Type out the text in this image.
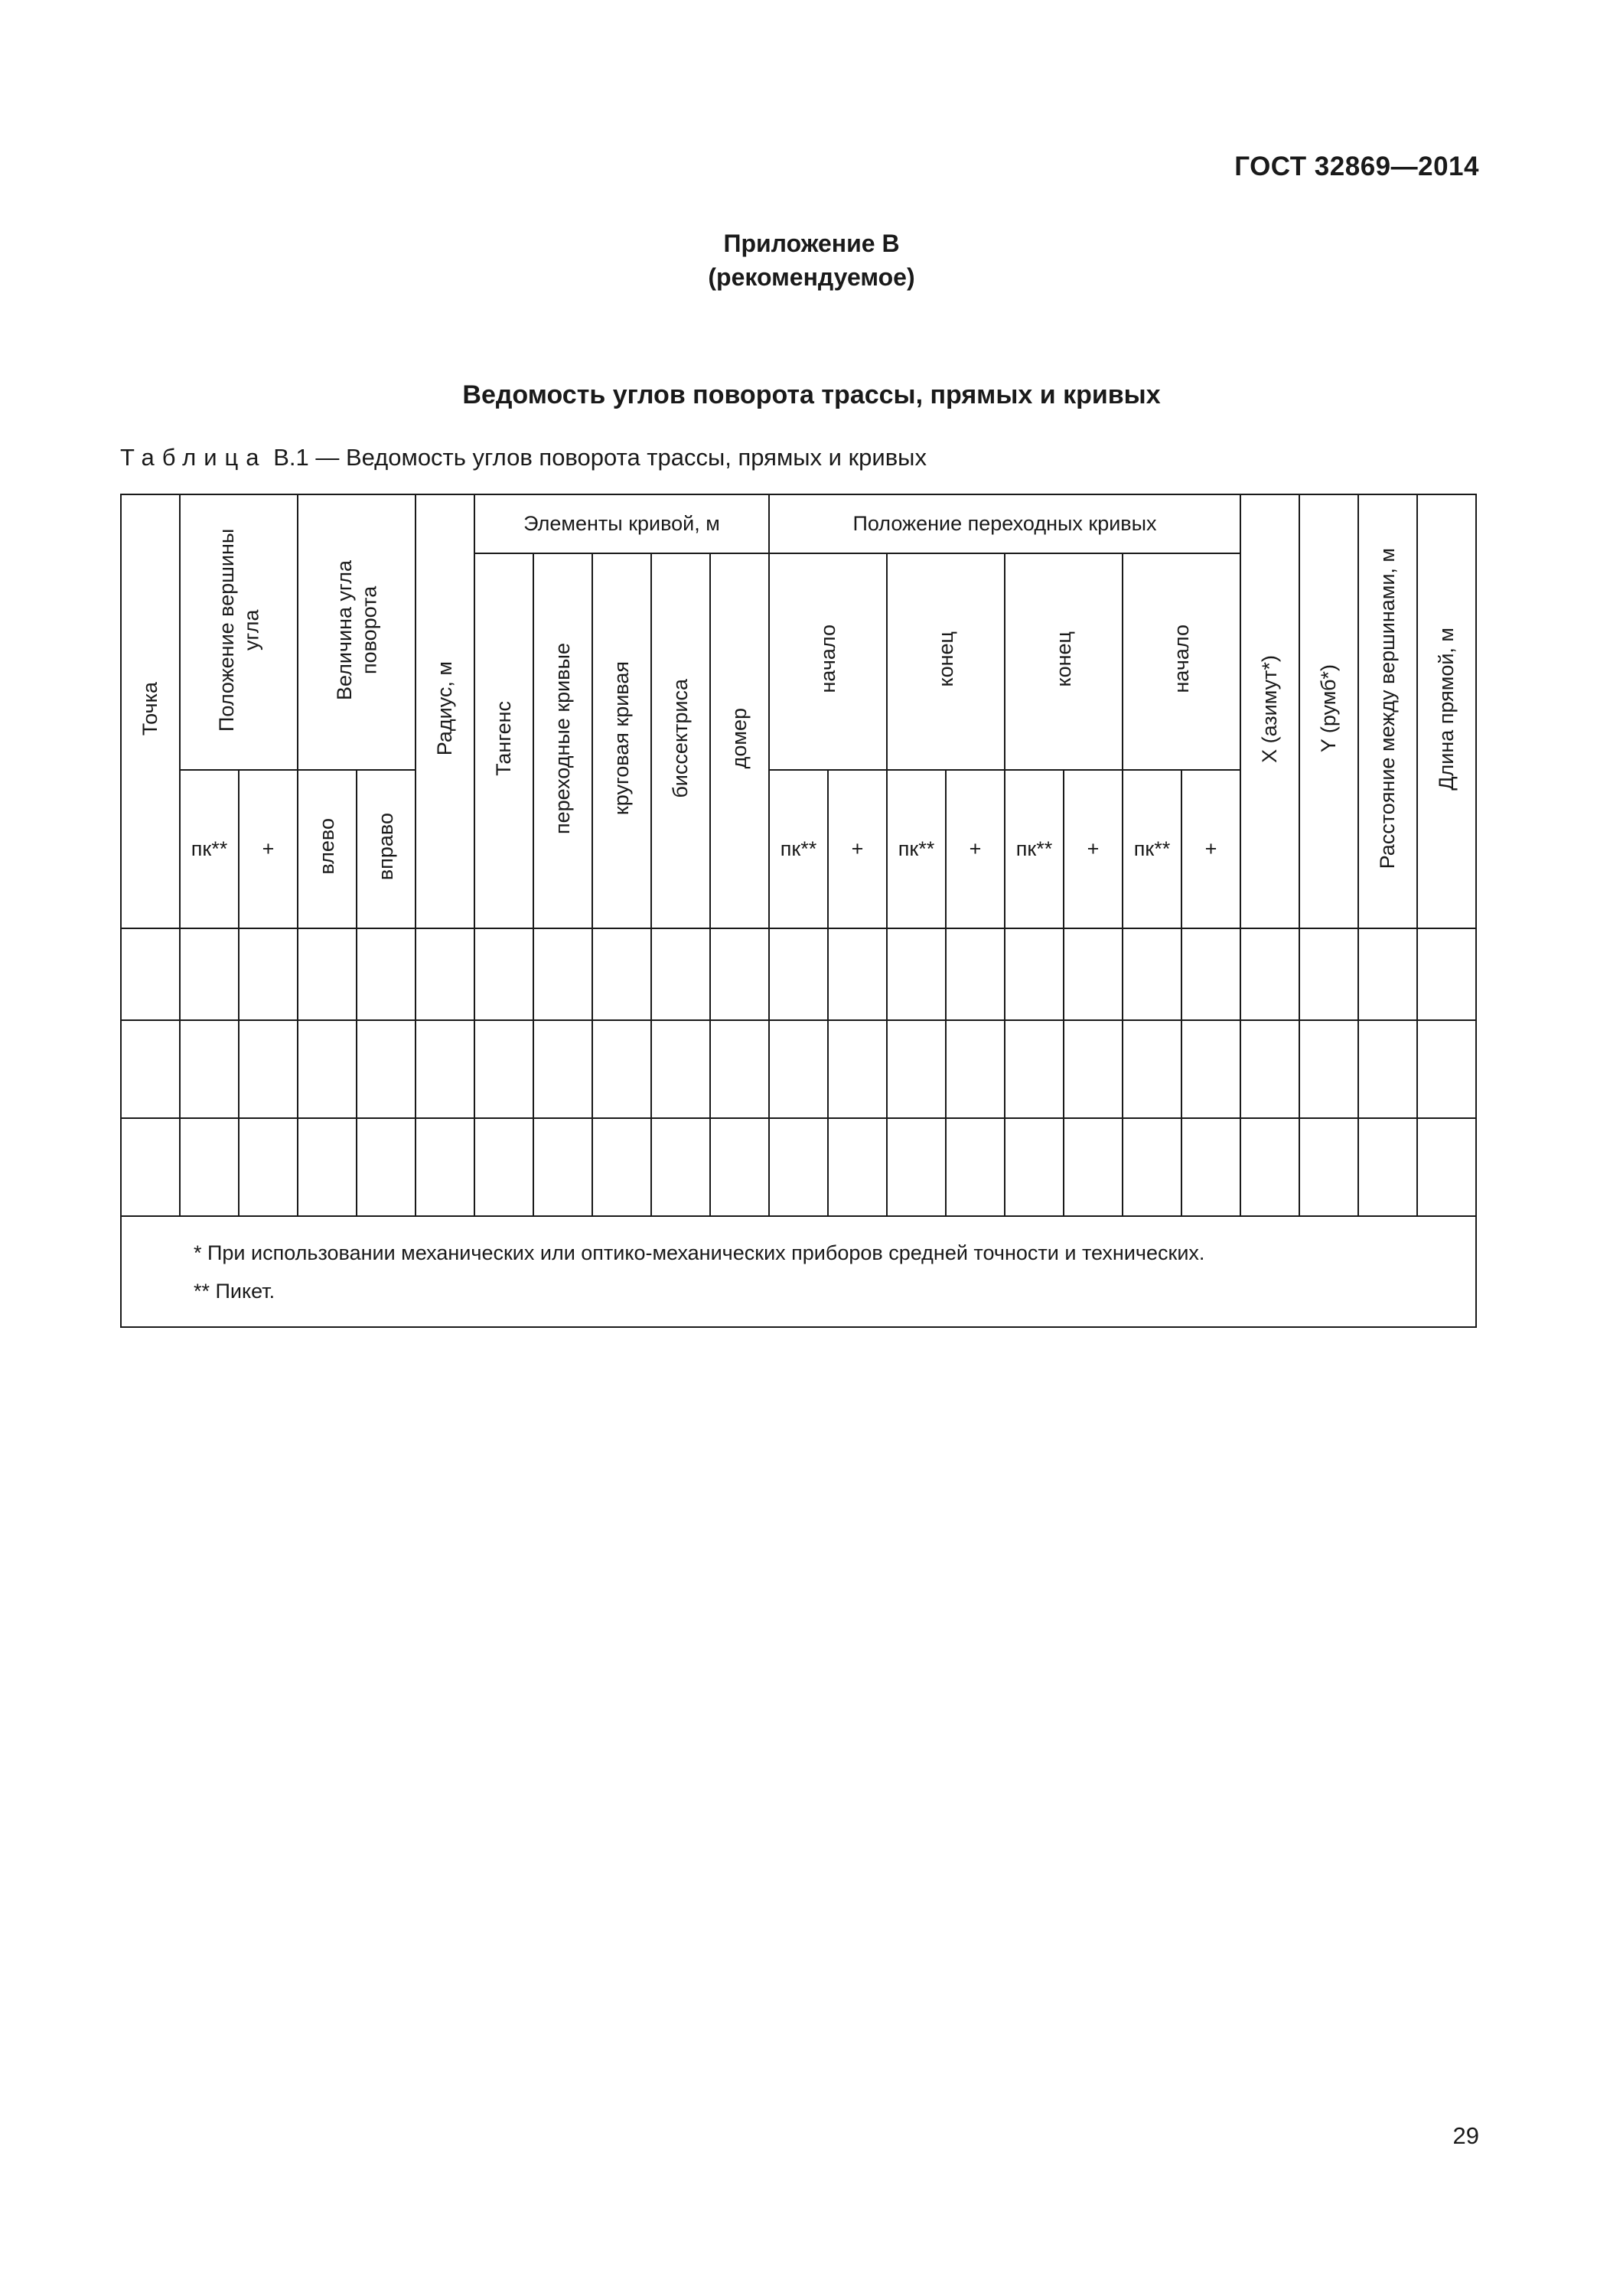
ГОСТ 32869—2014
Приложение В
(рекомендуемое)
Ведомость углов поворота трассы, прямых и кривых
Таблица В.1 — Ведомость углов поворота трассы, прямых и кривых
Точка	Положение вершины угла		Величина угла поворота		Радиус, м	Элементы кривой, м					Положение переходных кривых								X (азимут*)	Y (румб*)	Расстояние между вершинами, м	Длина прямой, м
						Тангенс	переходные кривые	круговая кривая	биссектриса	домер	начало		конец		конец		начало					
	пк**	+	влево	вправо							пк**	+	пк**	+	пк**	+	пк**	+				

* При использовании механических или оптико-механических приборов средней точности и технических.
** Пикет.																						
29
